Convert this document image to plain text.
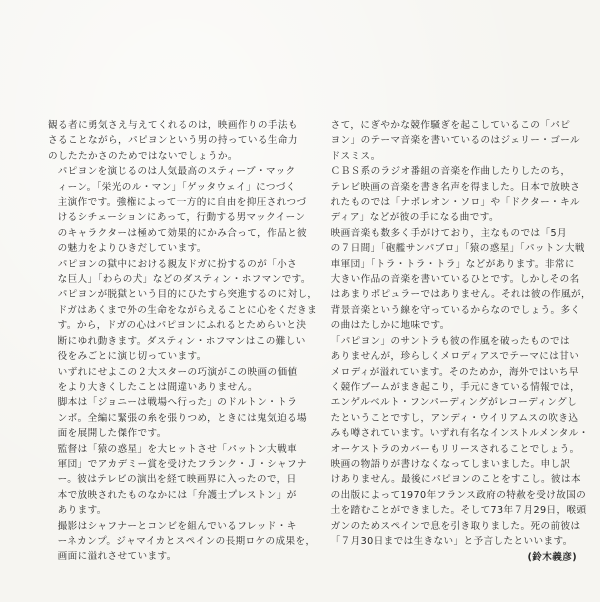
観る者に勇気さえ与えてくれるのは，映画作りの手法も
さることながら，パピヨンという男の持っている生命力
のしたたかさのためではないでしょうか。

パピヨンを演じるのは人気最高のスティーブ・マック
ィーン。「栄光のル・マン」「ゲッタウェイ」につづく
主演作です。強権によって一方的に自由を抑圧されつづ
けるシチェーションにあって，行動する男マックイーン
のキャラクターは極めて効果的にかみ合って，作品と彼
の魅力をよりひきだしています。

パピヨンの獄中における親友ドガに扮するのが「小さ
な巨人」「わらの犬」などのダスティン・ホフマンです。
パピヨンが脱獄という目的にひたすら突進するのに対し，
ドガはあくまで外の生命をながらえることに心をくだきま
す。から，ドガの心はパピヨンにふれるとためらいと決
断にゆれ動きます。ダスティン・ホフマンはこの難しい
役をみごとに演じ切っています。

いずれにせよこの２大スターの巧演がこの映画の価値
をより大きくしたことは間違いありません。

脚本は「ジョニーは戦場へ行った」のドルトン・トラ
ンボ。全編に緊張の糸を張りつめ，ときには鬼気迫る場
面を展開した傑作です。

監督は「猿の惑星」を大ヒットさせ「パットン大戦車
軍団」でアカデミー賞を受けたフランク・Ｊ・シャフナ
ー。彼はテレビの演出を経て映画界に入ったので，日
本で放映されたものなかには「弁護士プレストン」が
あります。

撮影はシャフナーとコンビを組んでいるフレッド・キ
ーネカンプ。ジャマイカとスペインの長期ロケの成果を，
画面に溢れさせています。

さて，にぎやかな競作騒ぎを起こしているこの「パピ
ヨン」のテーマ音楽を書いているのはジェリー・ゴール
ドスミス。

ＣＢＳ系のラジオ番組の音楽を作曲したりしたのち，
テレビ映画の音楽を書き名声を得ました。日本で放映さ
れたものでは「ナポレオン・ソロ」や「ドクター・キル
ディア」などが彼の手になる曲です。

映画音楽も数多く手がけており，主なものでは「5月
の７日間」「砲艦サンパブロ」「猿の惑星」「パットン大戦
車軍団」「トラ・トラ・トラ」などがあります。非常に
大きい作品の音楽を書いているひとです。しかしその名
はあまりポピュラーではありません。それは彼の作風が，
背景音楽という線を守っているからなのでしょう。多く
の曲はたしかに地味です。

「パピヨン」のサントラも彼の作風を破ったものでは
ありませんが，珍らしくメロディアスでテーマには甘い
メロディが溢れています。そのためか，海外ではいち早
く競作ブームがまき起こり，手元にきている情報では，
エンゲルベルト・フンパーディングがレコーディングし
たということですし，アンディ・ウイリアムスの吹き込
みも噂されています。いずれ有名なインストルメンタル・
オーケストラのカバーもリリースされることでしょう。

映画の物語りが書けなくなってしまいました。申し訳
けありません。最後にパピヨンのことをすこし。彼は本
の出版によって1970年フランス政府の特赦を受け故国の
土を踏むことができました。そして73年７月29日，喉頭
ガンのためスペインで息を引き取りました。死の前彼は
「７月30日までは生きない」と予言したといいます。

(鈴木義彦)
